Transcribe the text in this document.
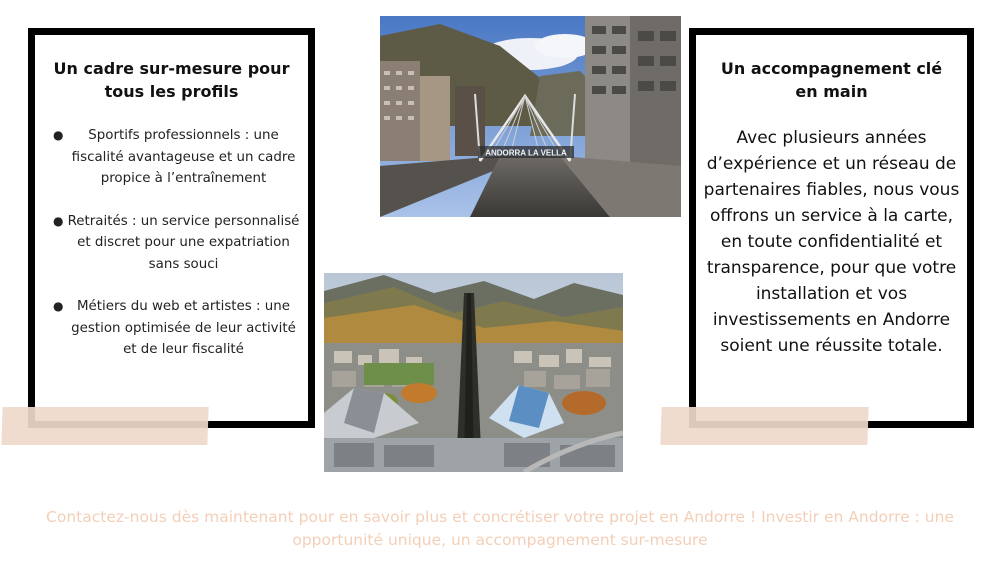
Un cadre sur-mesure pour tous les profils
● Sportifs professionnels : une fiscalité avantageuse et un cadre propice à l’entraînement
● Retraités : un service personnalisé et discret pour une expatriation sans souci
● Métiers du web et artistes : une gestion optimisée de leur activité et de leur fiscalité
Un accompagnement clé en main
Avec plusieurs années d’expérience et un réseau de partenaires fiables, nous vous offrons un service à la carte, en toute confidentialité et transparence, pour que votre installation et vos investissements en Andorre soient une réussite totale.
ANDORRA LA VELLA
Contactez-nous dès maintenant pour en savoir plus et concrétiser votre projet en Andorre ! Investir en Andorre : une opportunité unique, un accompagnement sur-mesure
